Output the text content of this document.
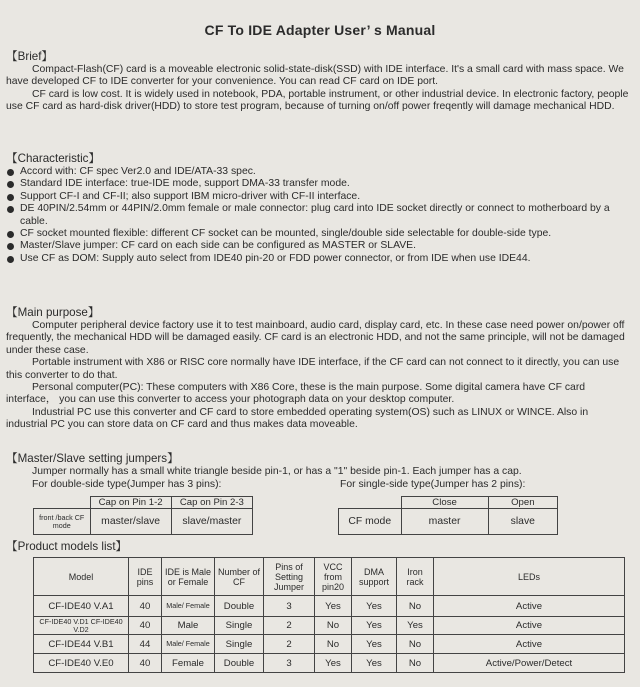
CF To IDE Adapter User’ s Manual
【Brief】

Compact-Flash(CF) card is a moveable electronic solid-state-disk(SSD) with IDE interface. It's a small card with mass space. We have developed CF to IDE converter for your convenience. You can read CF card on IDE port.

CF card is low cost. It is widely used in notebook, PDA, portable instrument, or other industrial device. In electronic factory, people use CF card as hard-disk driver(HDD) to store test program, because of turning on/off power freqently will damage mechanical HDD.

【Characteristic】
Accord with: CF spec Ver2.0 and IDE/ATA-33 spec.
Standard IDE interface: true-IDE mode, support DMA-33 transfer mode.
Support CF-I and CF-II; also support IBM micro-driver with CF-II interface.
DE 40PIN/2.54mm or 44PIN/2.0mm female or male connector: plug card into IDE socket directly or connect to motherboard by a cable.
CF socket mounted flexible: different CF socket can be mounted, single/double side selectable for double-side type.
Master/Slave jumper: CF card on each side can be configured as MASTER or SLAVE.
Use CF as DOM: Supply auto select from IDE40 pin-20 or FDD power connector, or from IDE when use IDE44.
【Main purpose】

Computer peripheral device factory use it to test mainboard, audio card, display card, etc. In these case need power on/power off frequently, the mechanical HDD will be damaged easily. CF card is an electronic HDD, and not the same principle, will not be damaged under these case.

Portable instrument with X86 or RISC core normally have IDE interface, if the CF card can not connect to it directly, you can use this converter to do that.

Personal computer(PC): These computers with X86 Core, these is the main purpose. Some digital camera have CF card interface， you can use this converter to access your photograph data on your desktop computer.

Industrial PC use this converter and CF card to store embedded operating system(OS) such as LINUX or WINCE. Also in industrial PC you can store data on CF card and thus makes data moveable.

【Master/Slave setting jumpers】

Jumper normally has a small white triangle beside pin-1, or has a "1" beside pin-1. Each jumper has a cap.

For double-side type(Jumper has 3 pins):	For single-side type(Jumper has 2 pins):
	Cap on Pin 1-2	Cap on Pin 2-3
front /back CF mode	master/slave	slave/master
	Close	Open
CF mode	master	slave
【Product models list】
Model	IDE pins	IDE is Male or Female	Number of CF	Pins of Setting Jumper	VCC from pin20	DMA support	Iron rack	LEDs
CF-IDE40 V.A1	40	Male/ Female	Double	3	Yes	Yes	No	Active
CF-IDE40 V.D1 CF-IDE40 V.D2	40	Male	Single	2	No	Yes	Yes	Active
CF-IDE44 V.B1	44	Male/ Female	Single	2	No	Yes	No	Active
CF-IDE40 V.E0	40	Female	Double	3	Yes	Yes	No	Active/Power/Detect
